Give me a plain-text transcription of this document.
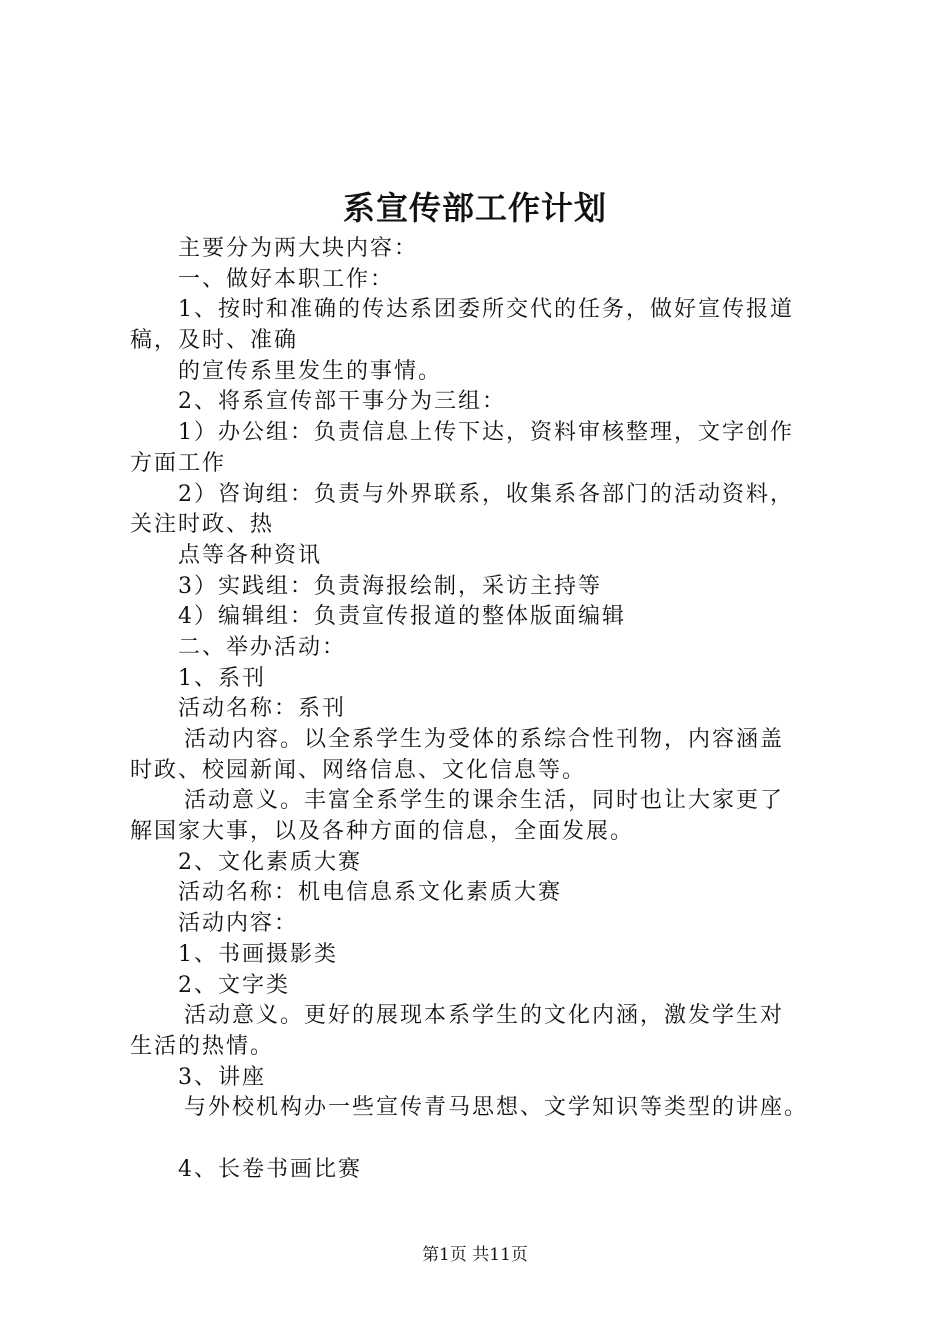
系宣传部工作计划
主要分为两大块内容：
一、做好本职工作：
1、按时和准确的传达系团委所交代的任务，做好宣传报道
稿，及时、准确
的宣传系里发生的事情。
2、将系宣传部干事分为三组：
1）办公组：负责信息上传下达，资料审核整理，文字创作
方面工作
2）咨询组：负责与外界联系，收集系各部门的活动资料，
关注时政、热
点等各种资讯
3）实践组：负责海报绘制，采访主持等
4）编辑组：负责宣传报道的整体版面编辑
二、举办活动：
1、系刊
活动名称：系刊
活动内容。以全系学生为受体的系综合性刊物，内容涵盖
时政、校园新闻、网络信息、文化信息等。
活动意义。丰富全系学生的课余生活，同时也让大家更了
解国家大事，以及各种方面的信息，全面发展。
2、文化素质大赛
活动名称：机电信息系文化素质大赛
活动内容：
1、书画摄影类
2、文字类
活动意义。更好的展现本系学生的文化内涵，激发学生对
生活的热情。
3、讲座
与外校机构办一些宣传青马思想、文学知识等类型的讲座。
4、长卷书画比赛
第1页 共11页
